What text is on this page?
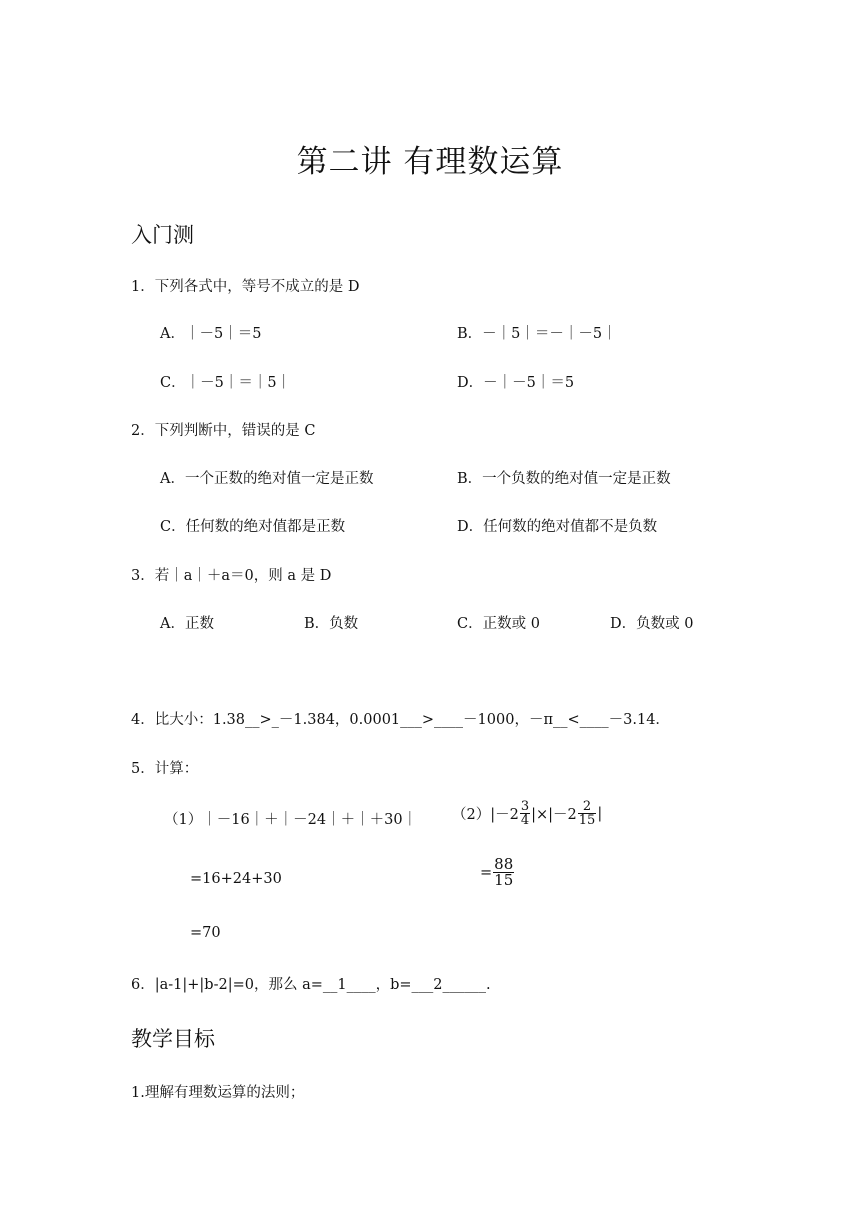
第二讲 有理数运算
入门测
1．下列各式中，等号不成立的是 D
A．｜－5｜＝5	B．－｜5｜＝－｜－5｜
C．｜－5｜＝｜5｜	D．－｜－5｜＝5
2．下列判断中，错误的是 C
A．一个正数的绝对值一定是正数	B．一个负数的绝对值一定是正数
C．任何数的绝对值都是正数	D．任何数的绝对值都不是负数
3．若｜a｜＋a＝0，则 a 是 D
A．正数	B．负数	C．正数或 0	D．负数或 0
4．比大小：1.38__>_－1.384，0.0001___>____－1000，－π__<____－3.14．
5．计算：
（1）｜－16｜＋｜－24｜＋｜＋30｜ $(2)|-2 \frac{3}{4} |\times|-2 \frac{2}{15}$ |
=16+24+30	= $\frac{88}{15}$
=70
6．|a-1|+|b-2|=0，那么 a=__1____，b=___2______.
教学目标
1.理解有理数运算的法则；
